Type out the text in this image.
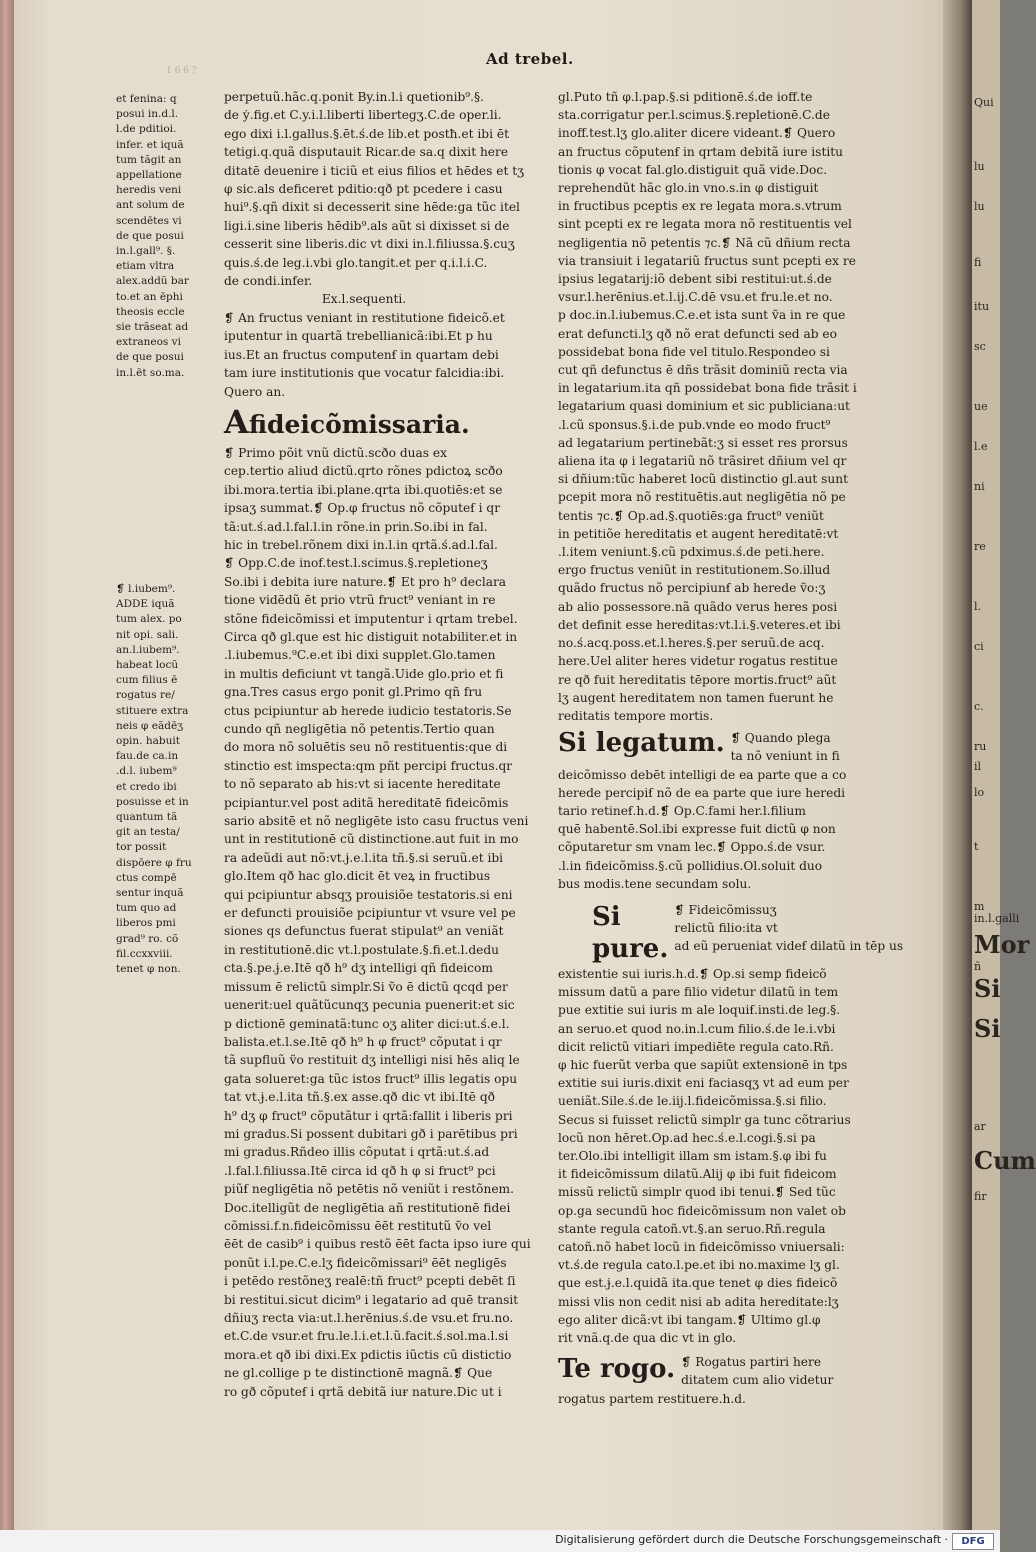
1 6 6 ?
Ad trebel.
et fenina: q
posui in.d.l.
l.de pditioi.
infer. et iquã
tum tãgit an
appellatione
heredis veni
ant solum de
scendētes vi
de que posui
in.l.gall⁹. §.
etiam vltra
alex.addũ bar
to.et an ēphi
theosis eccle
sie trãseat ad
extraneos vi
de que posui
in.l.ēt so.ma.
❡ l.iubem⁹.
ADDE iquã
tum alex. po
nit opi. sali.
an.l.iubem⁹.
habeat locũ
cum filius ē
rogatus re/
stituere extra
neis φ eãdēʒ
opin. habuit
fau.de ca.in
.d.l. iubem⁹
et credo ibi
posuisse et in
quantum tã
git an testa/
tor possit
dispōere φ fru
ctus compē
sentur inquã
tum quo ad
liberos pmi
grad⁹ ro. cõ
fil.ccxxviii.
tenet φ non.
perpetuũ.hãc.q.ponit By.in.l.i quetionib⁹.§.
de ẏ.fig.et C.y.i.l.liberti libertegʒ.C.de oper.li.
ego dixi i.l.gallus.§.ēt.ś.de lib.et postħ.et ibi ēt
tetigi.q.quã disputauit Ricar.de sa.q dixit here
ditatē deuenire i ticiũ et eius filios et hēdes et tʒ
φ sic.als deficeret pditio:qð pt pcedere i casu
hui⁹.§.qñ dixit si decesserit sine hēde:ga tũc itel
ligi.i.sine liberis hēdib⁹.als aũt si dixisset si de
cesserit sine liberis.dic vt dixi in.l.filiussa.§.cuʒ
quis.ś.de leg.i.vbi glo.tangit.et per q.i.l.i.C.
de condi.infer.
Ex.l.sequenti.
❡ An fructus veniant in restitutione fideicõ.et
iputentur in quartã trebellianicã:ibi.Et p hu
ius.Et an fructus computenẜ in quartam debi
tam iure institutionis que vocatur falcidia:ibi.
Quero an.
Afideicõmissaria.
❡ Primo põit vnũ dictũ.scðo duas ex
cep.tertio aliud dictũ.qrto rõnes pdictoꝝ scðo
ibi.mora.tertia ibi.plane.qrta ibi.quotiēs:et se
ipsaʒ summat.❡ Op.φ fructus nõ cõputeẜ i qr
tã:ut.ś.ad.l.fal.l.in rõne.in prin.So.ibi in fal.
hic in trebel.rõnem dixi in.l.in qrtã.ś.ad.l.fal.
❡ Opp.C.de inof.test.l.scimus.§.repletioneʒ
So.ibi i debita iure nature.❡ Et pro h⁹ declara
tione vidēdũ ēt prio vtrũ fruct⁹ veniant in re
stõne fideicõmissi et imputentur i qrtam trebel.
Circa qð gl.que est hic distiguit notabiliter.et in
.l.iubemus.⁹C.e.et ibi dixi supplet.Glo.tamen
in multis deficiunt vt tangã.Uide glo.prio et fi
gna.Tres casus ergo ponit gl.Primo qñ fru
ctus pcipiuntur ab herede iudicio testatoris.Se
cundo qñ negligētia nõ petentis.Tertio quan
do mora nõ soluētis seu nõ restituentis:que di
stinctio est imspecta:qm pñt percipi fructus.qr
to nõ separato ab his:vt si iacente hereditate
pcipiantur.vel post aditã hereditatē fideicõmis
sario absitē et nõ negligēte isto casu fructus veni
unt in restitutionē cũ distinctione.aut fuit in mo
ra adeũdi aut nõ:vt.ɉ.e.l.ita tñ.§.si seruũ.et ibi
glo.Item qð hac glo.dicit ēt veꝝ in fructibus
qui pcipiuntur absqʒ prouisiõe testatoris.si eni
er defuncti prouisiõe pcipiuntur vt vsure vel pe
siones qs defunctus fuerat stipulat⁹ an veniãt
in restitutionē.dic vt.l.postulate.§.fi.et.l.dedu
cta.§.pe.ɉ.e.Itē qð h⁹ dʒ intelligi qñ fideicom
missum ē relictũ simplr.Si ṽo ē dictũ qcqd per
uenerit:uel quãtũcunqʒ pecunia puenerit:et sic
p dictionē geminatã:tunc oʒ aliter dici:ut.ś.e.l.
balista.et.l.se.Itē qð h⁹ h φ fruct⁹ cõputat i qr
tã supfluũ ṽo restituit dʒ intelligi nisi hēs aliq le
gata solueret:ga tũc istos fruct⁹ illis legatis opu
tat vt.ɉ.e.l.ita tñ.§.ex asse.qð dic vt ibi.Itē qð
h⁹ dʒ φ fruct⁹ cõputãtur i qrtã:fallit i liberis pri
mi gradus.Si possent dubitari gð i parētibus pri
mi gradus.Rñdeo illis cõputat i qrtã:ut.ś.ad
.l.fal.l.filiussa.Itē circa id qð h φ si fruct⁹ pci
piũẜ negligētia nõ petētis nõ veniũt i restõnem.
Doc.itelligũt de negligētia añ restitutionē fidei
cõmissi.f.n.fideicõmissu ēēt restitutũ ṽo vel
ēēt de casib⁹ i quibus restõ ēēt facta ipso iure qui
ponũt i.l.pe.C.e.lʒ fideicõmissari⁹ ēēt negligēs
i petēdo restõneʒ realē:tñ fruct⁹ pcepti debēt ſi
bi restitui.sicut dicim⁹ i legatario ad quē transit
dñiuʒ recta via:ut.l.herēnius.ś.de vsu.et fru.no.
et.C.de vsur.et fru.le.l.i.et.l.ũ.facit.ś.sol.ma.l.si
mora.et qð ibi dixi.Ex pdictis iũctis cũ distictio
ne gl.collige p te distinctionē magnã.❡ Que
ro gð cõputeẜ i qrtã debitã iuɍ nature.Dic ut i
gl.Puto tñ φ.l.pap.§.si pditionē.ś.de ioff.te
sta.corrigatur per.l.scimus.§.repletionē.C.de
inoff.test.lʒ glo.aliter dicere videant.❡ Quero
an fructus cõputenẜ in qrtam debitã iure istitu
tionis φ vocat fal.glo.distiguit quã vide.Doc.
reprehendũt hãc glo.in vno.s.in φ distiguit
in fructibus pceptis ex re legata mora.s.vtrum
sint pcepti ex re legata mora nõ restituentis vel
negligentia nõ petentis ⁊c.❡ Nã cũ dñium recta
via transiuit i legatariũ fructus sunt pcepti ex re
ipsius legatarij:iõ debent sibi restitui:ut.ś.de
vsur.l.herēnius.et.l.ij.C.dē vsu.et fru.le.et no.
p doc.in.l.iubemus.C.e.et ista sunt ṽa in re que
erat defuncti.lʒ qð nõ erat defuncti sed ab eo
possidebat bona fide vel titulo.Respondeo si
cut qñ defunctus ē dñs trãsit dominiũ recta via
in legatarium.ita qñ possidebat bona fide trãsit i
legatarium quasi dominium et sic publiciana:ut
.l.cũ sponsus.§.i.de pub.vnde eo modo fruct⁹
ad legatarium pertinebãt:ʒ si esset res prorsus
aliena ita φ i legatariũ nõ trãsiret dñium vel qr
si dñium:tũc haberet locũ distinctio gl.aut sunt
pcepit mora nõ restituētis.aut negligētia nõ pe
tentis ⁊c.❡ Op.ad.§.quotiēs:ga fruct⁹ veniũt
in petitiõe hereditatis et augent hereditatē:vt
.l.item veniunt.§.cũ pdximus.ś.de peti.here.
ergo fructus veniũt in restitutionem.So.illud
quãdo fructus nõ percipiunẜ ab herede ṽo:ʒ
ab alio possessore.nã quãdo verus heres posi
det definit esse hereditas:vt.l.i.§.veteres.et ibi
no.ś.acq.poss.et.l.heres.§.per seruũ.de acq.
here.Uel aliter heres videtur rogatus restitue
re qð fuit hereditatis tēpore mortis.fruct⁹ aũt
lʒ augent hereditatem non tamen fuerunt he
reditatis tempore mortis.
Si legatum. ❡ Quando plega
ta nõ veniunt in fi
deicõmisso debēt intelligi de ea parte que a co
herede percipiẜ nõ de ea parte que iure heredi
tario retineẜ.h.d.❡ Op.C.fami her.l.filium
quē habentē.Sol.ibi expresse fuit dictũ φ non
cõputaretur sm vnam lec.❡ Oppo.ś.de vsur.
.l.in fideicõmiss.§.cũ pollidius.Ol.soluit duo
bus modis.tene secundam solu.
Si pure.
❡ Fideicõmissuʒ
relictũ filio:ita vt
ad eũ perueniat videẜ dilatũ in tēp us
existentie sui iuris.h.d.❡ Op.si semp fideicõ
missum datũ a pare filio videtur dilatũ in tem
pue extitie sui iuris m ale loquiẜ.insti.de leg.§.
an seruo.et quod no.in.l.cum filio.ś.de le.i.vbi
dicit relictũ vitiari impediēte regula cato.Rñ.
φ hic fuerũt verba que sapiũt extensionē in tps
extitie sui iuris.dixit eni faciasqʒ vt ad eum per
ueniãt.Sile.ś.de le.iij.l.fideicõmissa.§.si filio.
Secus si fuisset relictũ simplr ga tunc cõtrarius
locũ non hēret.Op.ad hec.ś.e.l.cogi.§.si pa
ter.Olo.ibi intelligit illam sm istam.§.φ ibi fu
it fideicõmissum dilatũ.Alij φ ibi fuit fideicom
missũ relictũ simplr quod ibi tenui.❡ Sed tũc
op.ga secundũ hoc fideicõmissum non valet ob
stante regula catoñ.vt.§.an seruo.Rñ.regula
catoñ.nõ habet locũ in fideicõmisso vniuersali:
vt.ś.de regula cato.l.pe.et ibi no.maxime lʒ gl.
que est.ɉ.e.l.quidã ita.que tenet φ dies fideicõ
missi vlis non cedit nisi ab adita hereditate:lʒ
ego aliter dicã:vt ibi tangam.❡ Ultimo gl.φ
rit vnã.q.de qua dic vt in glo.
Te rogo. ❡ Rogatus partiri here
ditatem cum alio videtur
rogatus partem restituere.h.d.
Qui
lu
lu
fi
itu
sc
ue
l.e
ni
re
l.
ci
c.
ru
il
lo
t
m
in.l.galli
Mor
ñ
Si
Si
ar
Cum
fir
Digitalisierung gefördert durch die Deutsche Forschungsgemeinschaft ·	DFG
